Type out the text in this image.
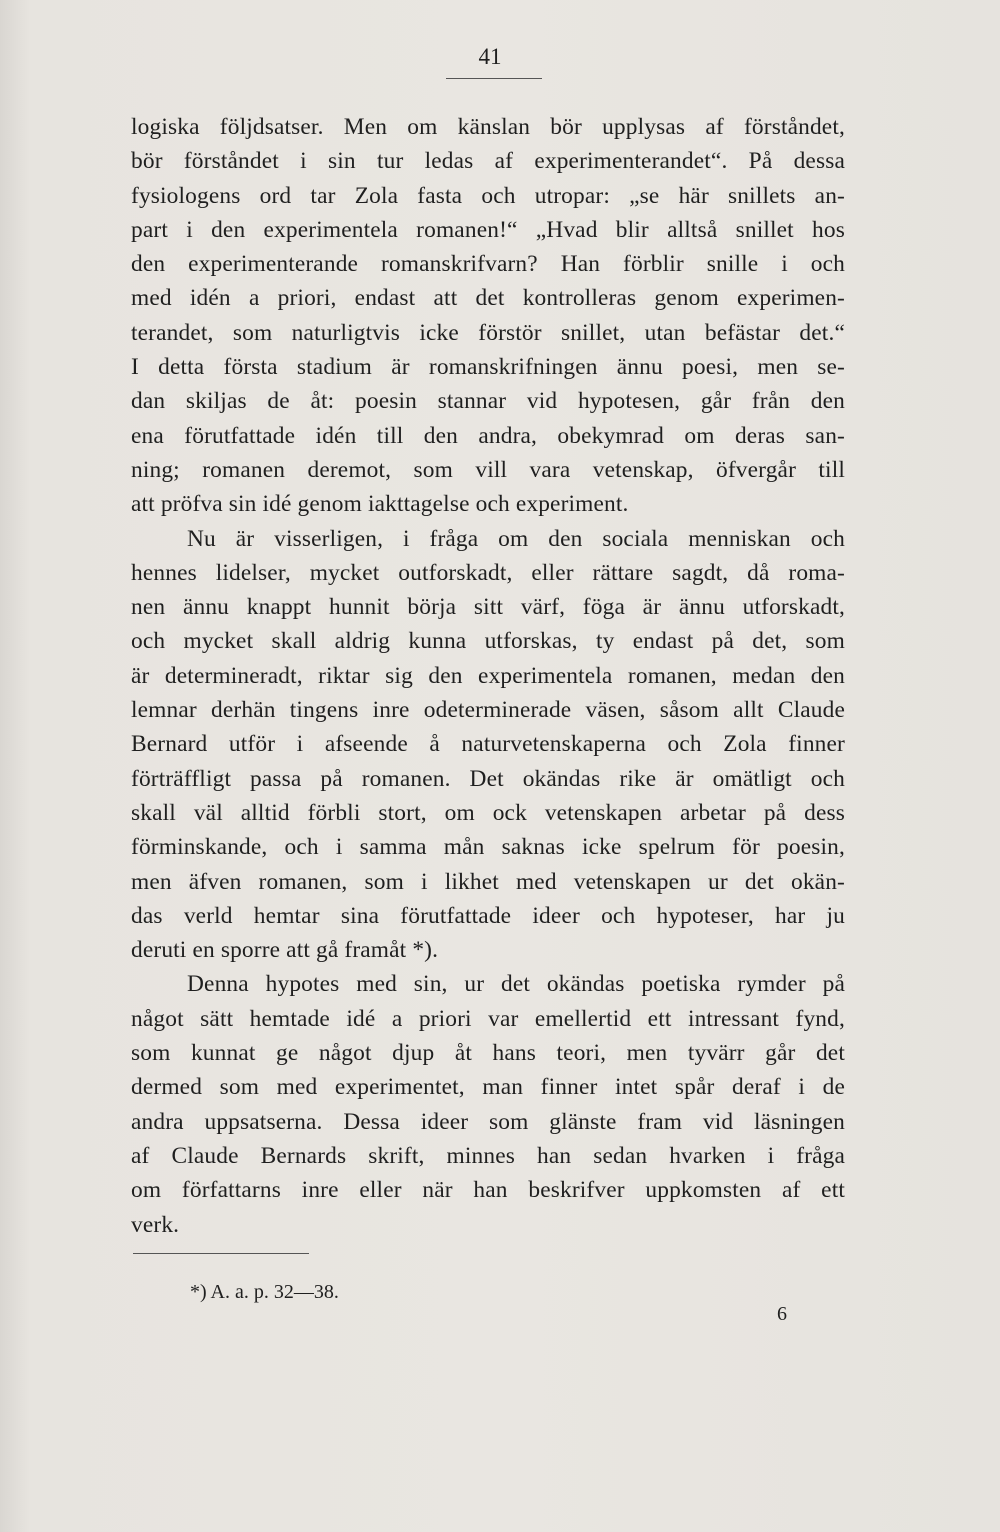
41
logiska följdsatser. Men om känslan bör upplysas af förståndet,
bör förståndet i sin tur ledas af experimenterandet“. På dessa
fysiologens ord tar Zola fasta och utropar: „se här snillets an-
part i den experimentela romanen!“ „Hvad blir alltså snillet hos
den experimenterande romanskrifvarn? Han förblir snille i och
med idén a priori, endast att det kontrolleras genom experimen-
terandet, som naturligtvis icke förstör snillet, utan befästar det.“
I detta första stadium är romanskrifningen ännu poesi, men se-
dan skiljas de åt: poesin stannar vid hypotesen, går från den
ena förutfattade idén till den andra, obekymrad om deras san-
ning; romanen deremot, som vill vara vetenskap, öfvergår till
att pröfva sin idé genom iakttagelse och experiment.
Nu är visserligen, i fråga om den sociala menniskan och
hennes lidelser, mycket outforskadt, eller rättare sagdt, då roma-
nen ännu knappt hunnit börja sitt värf, föga är ännu utforskadt,
och mycket skall aldrig kunna utforskas, ty endast på det, som
är determineradt, riktar sig den experimentela romanen, medan den
lemnar derhän tingens inre odeterminerade väsen, såsom allt Claude
Bernard utför i afseende å naturvetenskaperna och Zola finner
förträffligt passa på romanen. Det okändas rike är omätligt och
skall väl alltid förbli stort, om ock vetenskapen arbetar på dess
förminskande, och i samma mån saknas icke spelrum för poesin,
men äfven romanen, som i likhet med vetenskapen ur det okän-
das verld hemtar sina förutfattade ideer och hypoteser, har ju
deruti en sporre att gå framåt *).
Denna hypotes med sin, ur det okändas poetiska rymder på
något sätt hemtade idé a priori var emellertid ett intressant fynd,
som kunnat ge något djup åt hans teori, men tyvärr går det
dermed som med experimentet, man finner intet spår deraf i de
andra uppsatserna. Dessa ideer som glänste fram vid läsningen
af Claude Bernards skrift, minnes han sedan hvarken i fråga
om författarns inre eller när han beskrifver uppkomsten af ett
verk.
*) A. a. p. 32—38.
6
